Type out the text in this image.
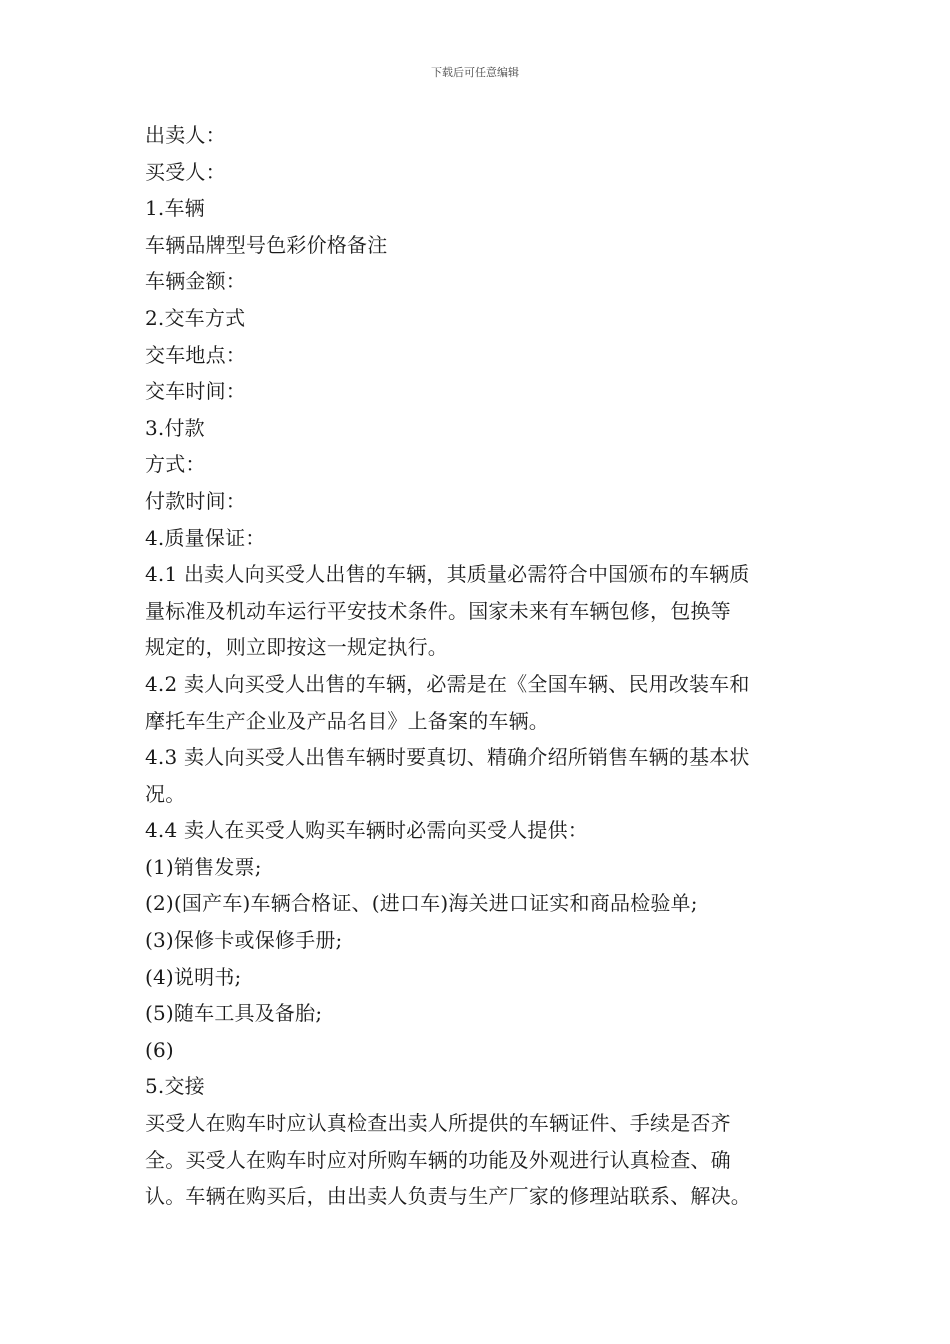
下载后可任意编辑
出卖人：
买受人：
1.车辆
车辆品牌型号色彩价格备注
车辆金额：
2.交车方式
交车地点：
交车时间：
3.付款
方式：
付款时间：
4.质量保证：
4.1 出卖人向买受人出售的车辆，其质量必需符合中国颁布的车辆质
量标准及机动车运行平安技术条件。国家未来有车辆包修，包换等
规定的，则立即按这一规定执行。
4.2 卖人向买受人出售的车辆，必需是在《全国车辆、民用改装车和
摩托车生产企业及产品名目》上备案的车辆。
4.3 卖人向买受人出售车辆时要真切、精确介绍所销售车辆的基本状
况。
4.4 卖人在买受人购买车辆时必需向买受人提供：
(1)销售发票;
(2)(国产车)车辆合格证、(进口车)海关进口证实和商品检验单;
(3)保修卡或保修手册;
(4)说明书;
(5)随车工具及备胎;
(6)
5.交接
买受人在购车时应认真检查出卖人所提供的车辆证件、手续是否齐
全。买受人在购车时应对所购车辆的功能及外观进行认真检查、确
认。车辆在购买后，由出卖人负责与生产厂家的修理站联系、解决。
